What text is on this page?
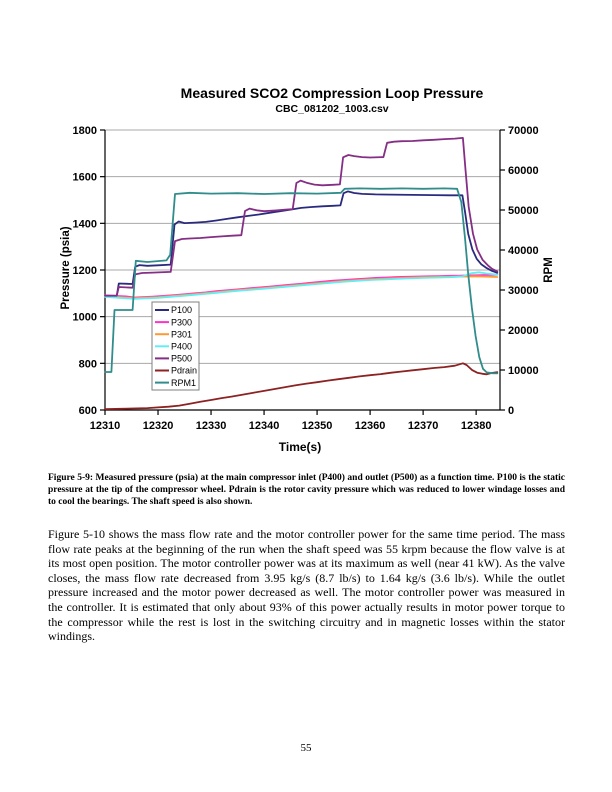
Measured SCO2 Compression Loop Pressure
CBC_081202_1003.csv
600
800
1000
1200
1400
1600
1800
0
10000
20000
30000
40000
50000
60000
70000
12310 12320 12330 12340 12350 12360 12370 12380
P100
P300
P301
P400
P500
Pdrain
RPM1
Pressure (psia)	RPM
Time(s)

Figure 5-9: Measured pressure (psia) at the main compressor inlet (P400) and outlet (P500) as a function time. P100 is the static pressure at the tip of the compressor wheel. Pdrain is the rotor cavity pressure which was reduced to lower windage losses and to cool the bearings. The shaft speed is also shown.

Figure 5-10 shows the mass flow rate and the motor controller power for the same time period. The mass flow rate peaks at the beginning of the run when the shaft speed was 55 krpm because the flow valve is at its most open position. The motor controller power was at its maximum as well (near 41 kW). As the valve closes, the mass flow rate decreased from 3.95 kg/s (8.7 lb/s) to 1.64 kg/s (3.6 lb/s). While the outlet pressure increased and the motor power decreased as well. The motor controller power was measured in the controller. It is estimated that only about 93% of this power actually results in motor power torque to the compressor while the rest is lost in the switching circuitry and in magnetic losses within the stator windings.

55
